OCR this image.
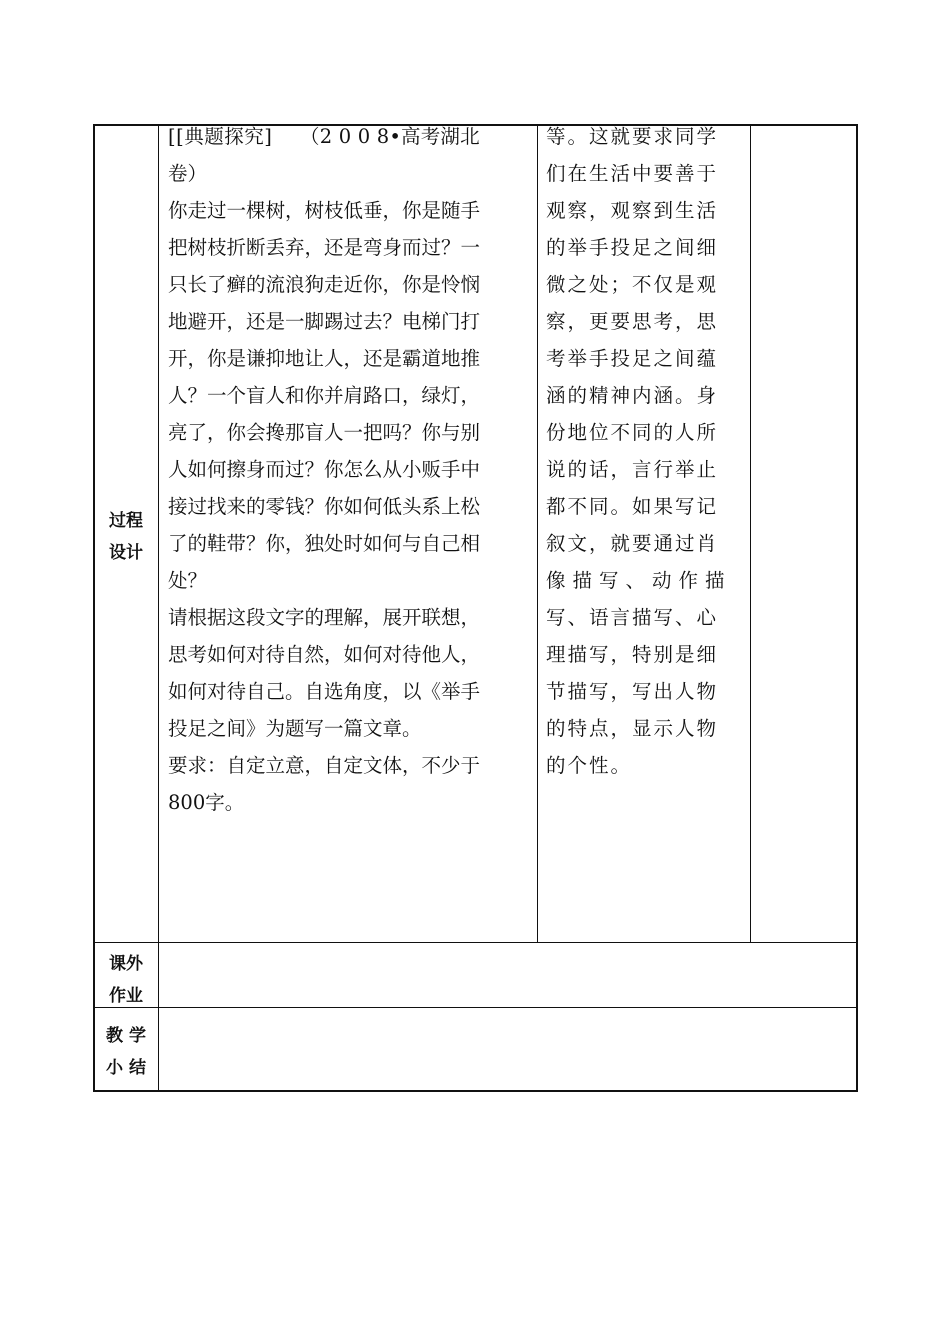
过程
设计
课外
作业
教 学
小 结

[[典题探究] （2 0 0 8•高考湖北

卷）

你走过一棵树，树枝低垂，你是随手

把树枝折断丢弃，还是弯身而过？一

只长了癣的流浪狗走近你，你是怜悯

地避开，还是一脚踢过去？电梯门打

开，你是谦抑地让人，还是霸道地推

人？一个盲人和你并肩路口，绿灯，

亮了，你会搀那盲人一把吗？你与别

人如何擦身而过？你怎么从小贩手中

接过找来的零钱？你如何低头系上松

了的鞋带？你，独处时如何与自己相

处？

请根据这段文字的理解，展开联想，

思考如何对待自然，如何对待他人，

如何对待自己。自选角度，以《举手

投足之间》为题写一篇文章。

要求：自定立意，自定文体，不少于

800字。

等。这就要求同学

们在生活中要善于

观察，观察到生活

的举手投足之间细

微之处；不仅是观

察，更要思考，思

考举手投足之间蕴

涵的精神内涵。身

份地位不同的人所

说的话，言行举止

都不同。如果写记

叙文，就要通过肖

像描写、动作描

写、语言描写、心

理描写，特别是细

节描写，写出人物

的特点，显示人物

的个性。
